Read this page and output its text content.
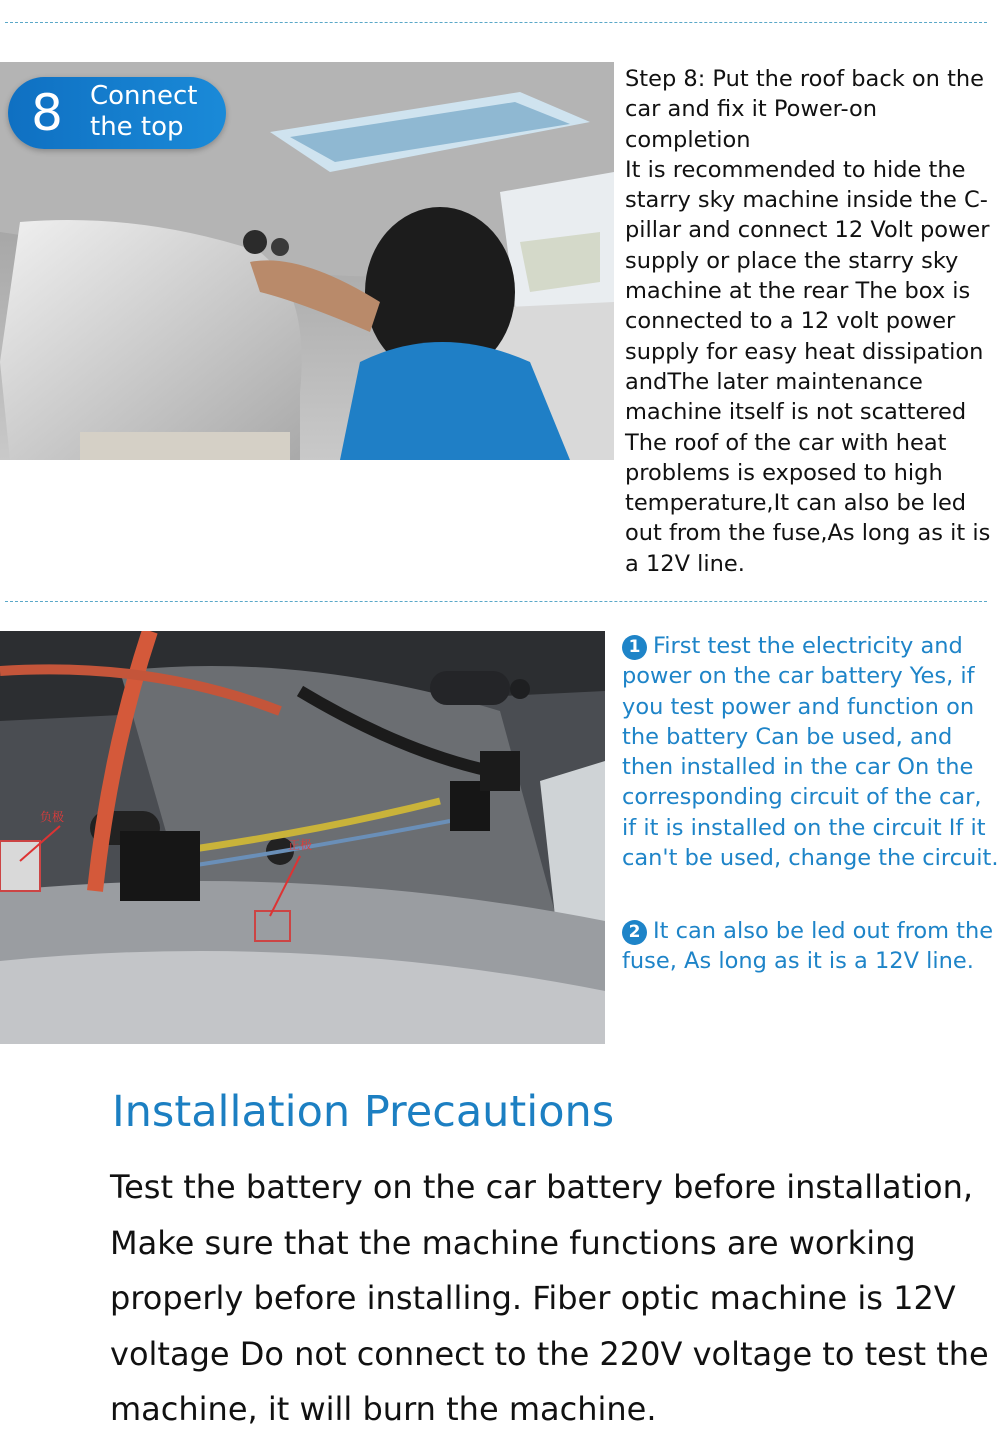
8	Connect the top
Step 8: Put the roof back on the car and fix it Power-on completion
It is recommended to hide the starry sky machine inside the C-pillar and connect 12 Volt power supply or place the starry sky machine at the rear The box is connected to a 12 volt power supply for easy heat dissipation andThe later maintenance machine itself is not scattered The roof of the car with heat problems is exposed to high temperature,It can also be led out from the fuse,As long as it is a 12V line.
负极
正极
1 First test the electricity and power on the car battery Yes, if you test power and function on the battery Can be used, and then installed in the car On the corresponding circuit of the car, if it is installed on the circuit If it can't be used, change the circuit.
2 It can also be led out from the fuse, As long as it is a 12V line.
Installation Precautions
Test the battery on the car battery before installation, Make sure that the machine functions are working properly before installing. Fiber optic machine is 12V voltage Do not connect to the 220V voltage to test the machine, it will burn the machine.
